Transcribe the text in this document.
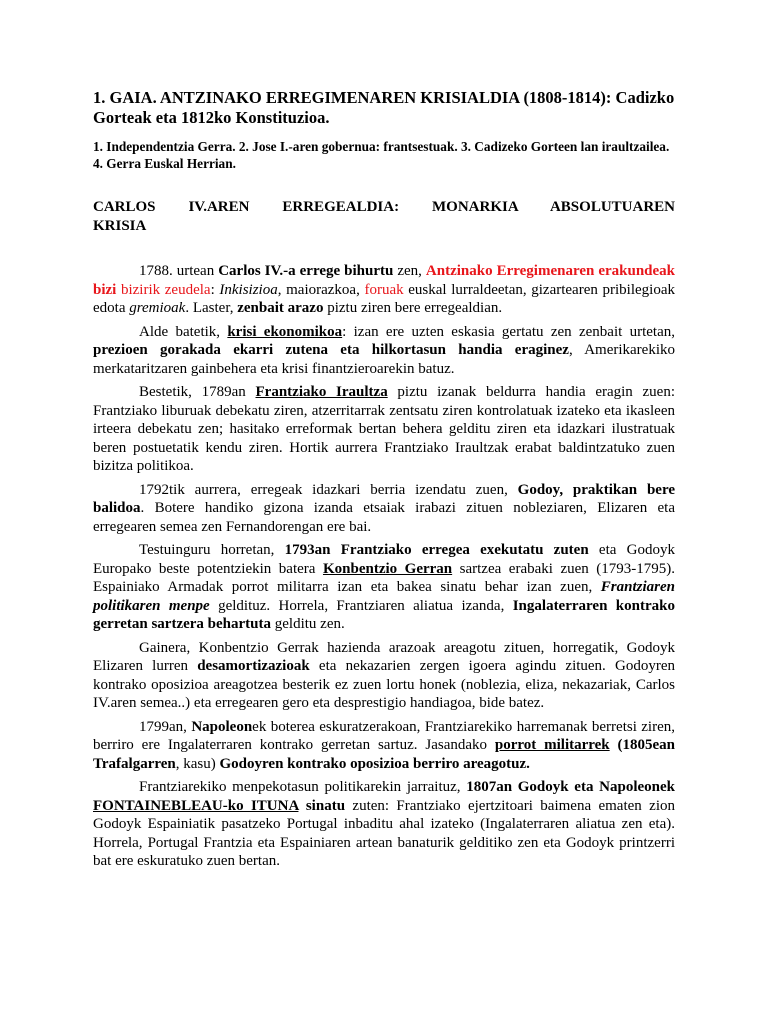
1. GAIA. ANTZINAKO ERREGIMENAREN KRISIALDIA (1808-1814): Cadizko Gorteak eta 1812ko Konstituzioa.
1. Independentzia Gerra. 2. Jose I.-aren gobernua: frantsestuak. 3. Cadizeko Gorteen lan iraultzailea. 4. Gerra Euskal Herrian.
CARLOS IV.AREN ERREGEALDIA: MONARKIA ABSOLUTUAREN
KRISIA

1788. urtean Carlos IV.-a errege bihurtu zen, Antzinako Erregimenaren erakundeak bizi bizirik zeudela: Inkisizioa, maiorazkoa, foruak euskal lurraldeetan, gizartearen pribilegioak edota gremioak. Laster, zenbait arazo piztu ziren bere erregealdian.

Alde batetik, krisi ekonomikoa: izan ere uzten eskasia gertatu zen zenbait urtetan, prezioen gorakada ekarri zutena eta hilkortasun handia eraginez, Amerikarekiko merkataritzaren gainbehera eta krisi finantzieroarekin batuz.

Bestetik, 1789an Frantziako Iraultza piztu izanak beldurra handia eragin zuen: Frantziako liburuak debekatu ziren, atzerritarrak zentsatu ziren kontrolatuak izateko eta ikasleen irteera debekatu zen; hasitako erreformak bertan behera gelditu ziren eta idazkari ilustratuak beren postuetatik kendu ziren. Hortik aurrera Frantziako Iraultzak erabat baldintzatuko zuen bizitza politikoa.

1792tik aurrera, erregeak idazkari berria izendatu zuen, Godoy, praktikan bere balidoa. Botere handiko gizona izanda etsaiak irabazi zituen nobleziaren, Elizaren eta erregearen semea zen Fernandorengan ere bai.

Testuinguru horretan, 1793an Frantziako erregea exekutatu zuten eta Godoyk Europako beste potentziekin batera Konbentzio Gerran sartzea erabaki zuen (1793-1795). Espainiako Armadak porrot militarra izan eta bakea sinatu behar izan zuen, Frantziaren politikaren menpe geldituz. Horrela, Frantziaren aliatua izanda, Ingalaterraren kontrako gerretan sartzera behartuta gelditu zen.

Gainera, Konbentzio Gerrak hazienda arazoak areagotu zituen, horregatik, Godoyk Elizaren lurren desamortizazioak eta nekazarien zergen igoera agindu zituen. Godoyren kontrako oposizioa areagotzea besterik ez zuen lortu honek (noblezia, eliza, nekazariak, Carlos IV.aren semea..) eta erregearen gero eta desprestigio handiagoa, bide batez.

1799an, Napoleonek boterea eskuratzerakoan, Frantziarekiko harremanak berretsi ziren, berriro ere Ingalaterraren kontrako gerretan sartuz. Jasandako porrot militarrek (1805ean Trafalgarren, kasu) Godoyren kontrako oposizioa berriro areagotuz.

Frantziarekiko menpekotasun politikarekin jarraituz, 1807an Godoyk eta Napoleonek FONTAINEBLEAU-ko ITUNA sinatu zuten: Frantziako ejertzitoari baimena ematen zion Godoyk Espainiatik pasatzeko Portugal inbaditu ahal izateko (Ingalaterraren aliatua zen eta). Horrela, Portugal Frantzia eta Espainiaren artean banaturik gelditiko zen eta Godoyk printzerri bat ere eskuratuko zuen bertan.
